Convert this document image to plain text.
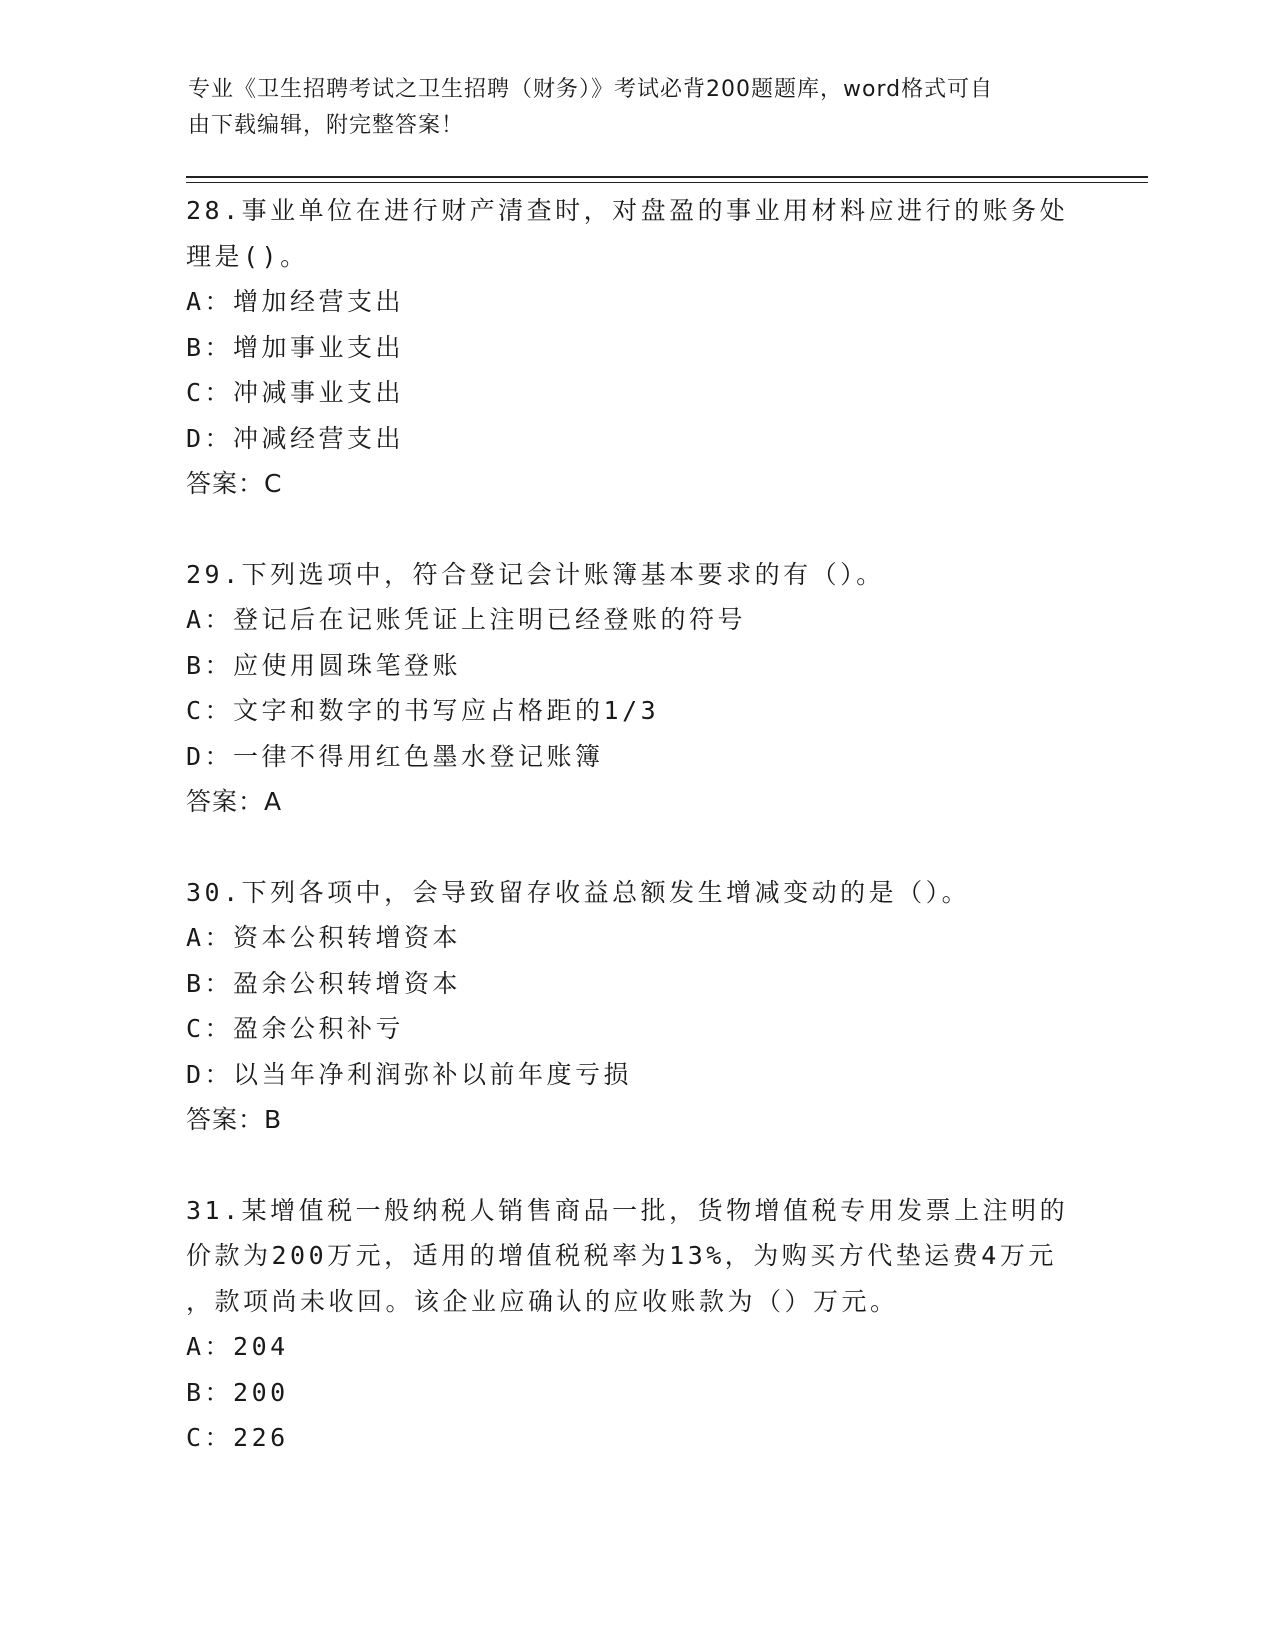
专业《卫生招聘考试之卫生招聘（财务）》考试必背200题题库，word格式可自
由下载编辑，附完整答案！
28.事业单位在进行财产清查时，对盘盈的事业用材料应进行的账务处
理是()。
A：增加经营支出
B：增加事业支出
C：冲减事业支出
D：冲减经营支出
答案：C
29.下列选项中，符合登记会计账簿基本要求的有（）。
A：登记后在记账凭证上注明已经登账的符号
B：应使用圆珠笔登账
C：文字和数字的书写应占格距的1/3
D：一律不得用红色墨水登记账簿
答案：A
30.下列各项中，会导致留存收益总额发生增减变动的是（）。
A：资本公积转增资本
B：盈余公积转增资本
C：盈余公积补亏
D：以当年净利润弥补以前年度亏损
答案：B
31.某增值税一般纳税人销售商品一批，货物增值税专用发票上注明的
价款为200万元，适用的增值税税率为13%，为购买方代垫运费4万元
，款项尚未收回。该企业应确认的应收账款为（）万元。
A：204
B：200
C：226
